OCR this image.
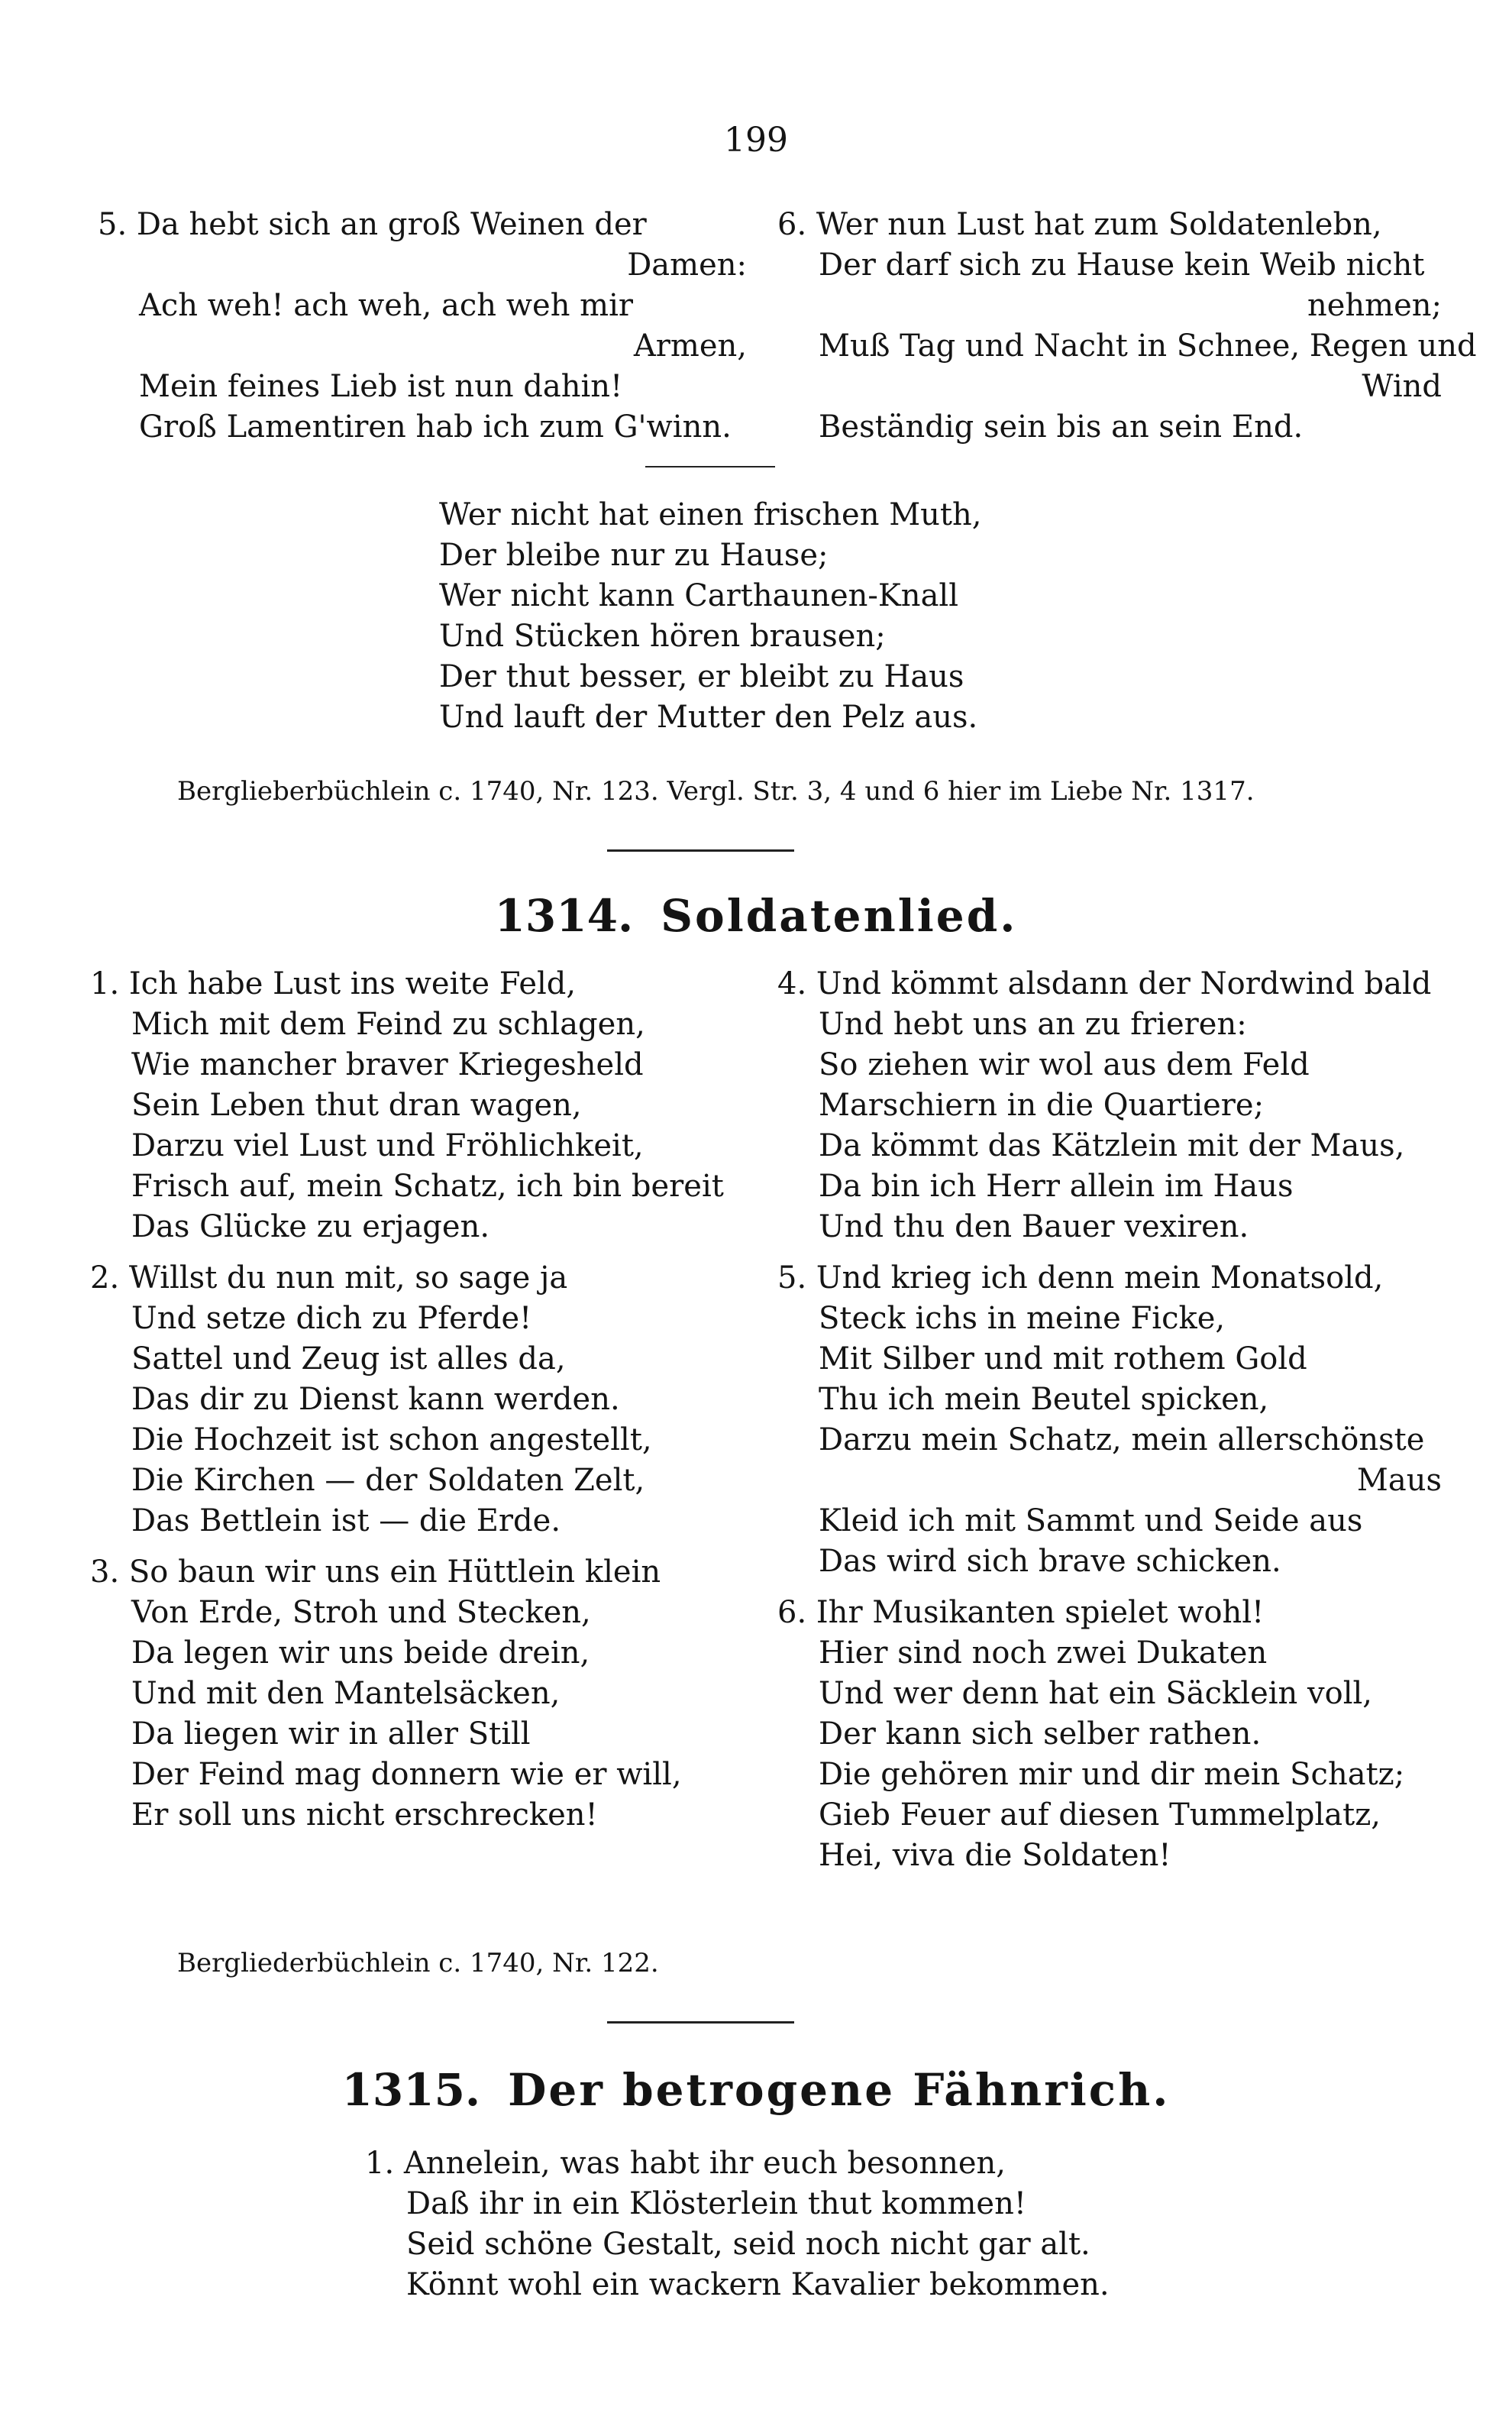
199
5. Da hebt sich an groß Weinen der
Damen:
Ach weh! ach weh, ach weh mir
Armen,
Mein feines Lieb ist nun dahin!
Groß Lamentiren hab ich zum G'winn.
6. Wer nun Lust hat zum Soldatenlebn,
Der darf sich zu Hause kein Weib nicht
nehmen;
Muß Tag und Nacht in Schnee, Regen und
Wind
Beständig sein bis an sein End.
Wer nicht hat einen frischen Muth,
Der bleibe nur zu Hause;
Wer nicht kann Carthaunen-Knall
Und Stücken hören brausen;
Der thut besser, er bleibt zu Haus
Und lauft der Mutter den Pelz aus.
Berglieberbüchlein c. 1740, Nr. 123. Vergl. Str. 3, 4 und 6 hier im Liebe Nr. 1317.
1314. Soldatenlied.
1. Ich habe Lust ins weite Feld,
Mich mit dem Feind zu schlagen,
Wie mancher braver Kriegesheld
Sein Leben thut dran wagen,
Darzu viel Lust und Fröhlichkeit,
Frisch auf, mein Schatz, ich bin bereit
Das Glücke zu erjagen.
2. Willst du nun mit, so sage ja
Und setze dich zu Pferde!
Sattel und Zeug ist alles da,
Das dir zu Dienst kann werden.
Die Hochzeit ist schon angestellt,
Die Kirchen — der Soldaten Zelt,
Das Bettlein ist — die Erde.
3. So baun wir uns ein Hüttlein klein
Von Erde, Stroh und Stecken,
Da legen wir uns beide drein,
Und mit den Mantelsäcken,
Da liegen wir in aller Still
Der Feind mag donnern wie er will,
Er soll uns nicht erschrecken!
4. Und kömmt alsdann der Nordwind bald
Und hebt uns an zu frieren:
So ziehen wir wol aus dem Feld
Marschiern in die Quartiere;
Da kömmt das Kätzlein mit der Maus,
Da bin ich Herr allein im Haus
Und thu den Bauer vexiren.
5. Und krieg ich denn mein Monatsold,
Steck ichs in meine Ficke,
Mit Silber und mit rothem Gold
Thu ich mein Beutel spicken,
Darzu mein Schatz, mein allerschönste
Maus
Kleid ich mit Sammt und Seide aus
Das wird sich brave schicken.
6. Ihr Musikanten spielet wohl!
Hier sind noch zwei Dukaten
Und wer denn hat ein Säcklein voll,
Der kann sich selber rathen.
Die gehören mir und dir mein Schatz;
Gieb Feuer auf diesen Tummelplatz,
Hei, viva die Soldaten!
Bergliederbüchlein c. 1740, Nr. 122.
1315. Der betrogene Fähnrich.
1. Annelein, was habt ihr euch besonnen,
Daß ihr in ein Klösterlein thut kommen!
Seid schöne Gestalt, seid noch nicht gar alt.
Könnt wohl ein wackern Kavalier bekommen.
